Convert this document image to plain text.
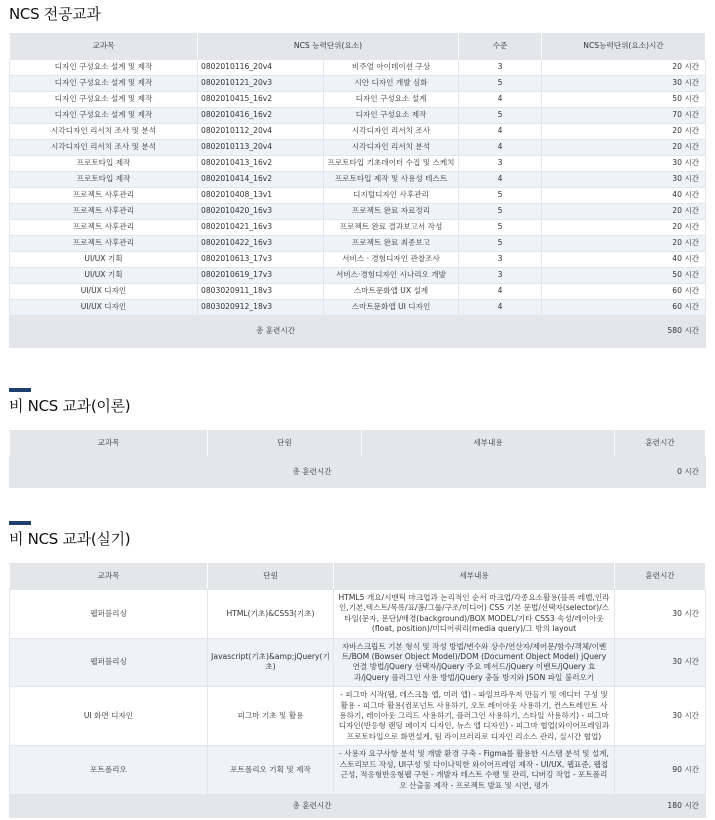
NCS 전공교과
교과목	NCS 능력단위(요소)		수준	NCS능력단위(요소)시간
디자인 구성요소 설계 및 제작	0802010116_20v4	비주얼 아이데이션 구상	3	20 시간
디자인 구성요소 설계 및 제작	0802010121_20v3	시안 디자인 개발 심화	5	30 시간
디자인 구성요소 설계 및 제작	0802010415_16v2	디자인 구성요소 설계	4	50 시간
디자인 구성요소 설계 및 제작	0802010416_16v2	디자인 구성요소 제작	5	70 시간
시각디자인 리서치 조사 및 분석	0802010112_20v4	시각디자인 리서치 조사	4	20 시간
시각디자인 리서치 조사 및 분석	0802010113_20v4	시각디자인 리서치 분석	4	20 시간
프로토타입 제작	0802010413_16v2	프로토타입 기초데이터 수집 및 스케치	3	30 시간
프로토타입 제작	0802010414_16v2	프로토타입 제작 및 사용성 테스트	4	30 시간
프로젝트 사후관리	0802010408_13v1	디지털디자인 사후관리	5	40 시간
프로젝트 사후관리	0802010420_16v3	프로젝트 완료 자료정리	5	20 시간
프로젝트 사후관리	0802010421_16v3	프로젝트 완료 결과보고서 작성	5	20 시간
프로젝트 사후관리	0802010422_16v3	프로젝트 완료 최종보고	5	20 시간
UI/UX 기획	0802010613_17v3	서비스 · 경험디자인 관찰조사	3	40 시간
UI/UX 기획	0802010619_17v3	서비스·경험디자인 시나리오 개발	3	50 시간
UI/UX 디자인	0803020911_18v3	스마트문화앱 UX 설계	4	60 시간
UI/UX 디자인	0803020912_18v3	스마트문화앱 UI 디자인	4	60 시간
총 훈련시간				580 시간
비 NCS 교과(이론)
교과목	단원	세부내용	훈련시간
총 훈련시간			0 시간
비 NCS 교과(실기)
교과목	단원	세부내용	훈련시간
웹퍼블리싱	HTML(기초)&CSS3(기초)	HTML5 개요/시맨틱 마크업과 논리적인 순서 마크업/각종요소활용(블록 레벨,인라인,기본,텍스트/목록/표/폼/그룹/구조/미디어) CSS 기본 문법/선택자(selector)/스타일(문자, 문단)/배경(background)/BOX MODEL/기타 CSS3 속성/레이아웃(float, position)/미디어쿼리(media query)/그 밖의 layout	30 시간
웹퍼블리싱	Javascript(기초)&amp;jQuery(기초)	자바스크립트 기본 형식 및 작성 방법/변수와 상수/연산자/제어문/함수/객체/이벤트/BOM (Bowser Object Model)/DOM (Document Object Model) jQuery 연결 방법/jQuery 선택자/jQuery 주요 메서드/jQuery 이벤트/jQuery 효과/jQuery 플러그인 사용 방법/jQuery 충돌 방지와 JSON 파일 불러오기	30 시간
UI 화면 디자인	피그마 기초 및 활용	- 피그마 시작(웹, 데스크톱 앱, 미러 앱) - 파일브라우저 만들기 및 에디터 구성 및 활용 - 피그마 활용(컴포넌트 사용하기, 오토 레이아웃 사용하기, 컨스트레인트 사용하기, 레이아웃 그리드 사용하기, 플러그인 사용하기, 스타일 사용하기) - 피그마 디자인(반응형 랜딩 페이지 디자인, 뉴스 앱 디자인) - 피그마 협업(와이어프레임과 프로토타입으로 화면설계, 팀 라이브러리로 디자인 리소스 관리, 실시간 협업)	30 시간
포트폴리오	포트폴리오 기획 및 제작	- 사용자 요구사항 분석 및 개발 환경 구축 - Figma를 활용한 시스템 분석 및 설계, 스토리보드 작성, UI구성 및 다이나믹한 와이어프레임 제작 - UI/UX, 웹표준, 웹접근성, 적응형반응형웹 구현 - 개발자 테스트 수행 및 관리, 디버깅 작업 - 포트폴리오 산출물 제작 - 프로젝트 발표 및 시연, 평가	90 시간
총 훈련시간			180 시간
